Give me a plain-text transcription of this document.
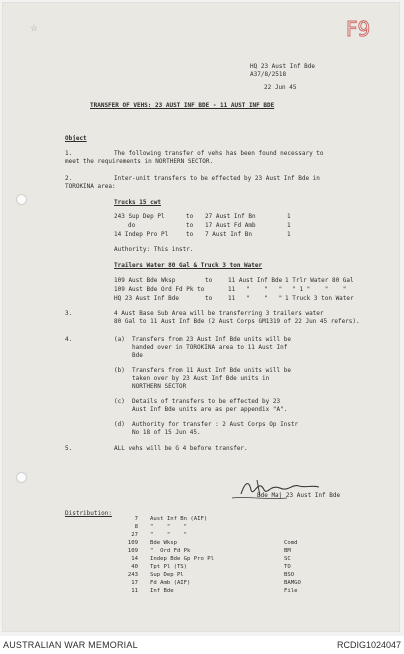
☆	F9
HQ 23 Aust Inf Bde
A37/8/2518
22 Jun 45
TRANSFER OF VEHS: 23 AUST INF BDE - 11 AUST INF BDE
Object
1.	The following transfer of vehs has been found necessary to
meet the requirements in NORTHERN SECTOR.
2.	Inter-unit transfers to be effected by 23 Aust Inf Bde in
TOROKINA area:
Trucks 15 cwt
243 Sup Dep Pl	to 27 Aust Inf Bn	1
do	to 17 Aust Fd Amb	1
14 Indep Pro Pl	to 7 Aust Inf Bn	1
Authority: This instr.
Trailers Water 80 Gal & Truck 3 ton Water
109 Aust Bde Wksp	to	11 Aust Inf Bde 1 Trlr Water 80 Gal
109 Aust Bde Ord Fd Pk to	11   "    "   " " 1 "    "    "
HQ 23 Aust Inf Bde	to	11   "    "   " 1 Truck 3 ton Water
3.	4 Aust Base Sub Area will be transferring 3 trailers water
80 Gal to 11 Aust Inf Bde (2 Aust Corps GM1319 of 22 Jun 45 refers).
4.	(a) Transfers from 23 Aust Inf Bde units will be
handed over in TOROKINA area to 11 Aust Inf
Bde
(b) Transfers from 11 Aust Inf Bde units will be
taken over by 23 Aust Inf Bde units in
NORTHERN SECTOR
(c) Details of transfers to be effected by 23
Aust Inf Bde units are as per appendix "A".
(d) Authority for transfer : 2 Aust Corps Op Instr
No 18 of 15 Jun 45.
5.	ALL vehs will be G 4 before transfer.
Bde Maj 23 Aust Inf Bde
Distribution:
7 Aust Inf Bn (AIF)
8 "    "    "
27 "    "    "
109 Bde Wksp	Comd
109 "  Ord Fd Pk	BM
14 Indep Bde Gp Pro Pl	SC
40 Tpt Pl (TS)	TO
243 Sup Dep Pl	BSO
17 Fd Amb (AIF)	BAMGO
11 Inf Bde	File
AUSTRALIAN WAR MEMORIAL	RCDIG1024047
